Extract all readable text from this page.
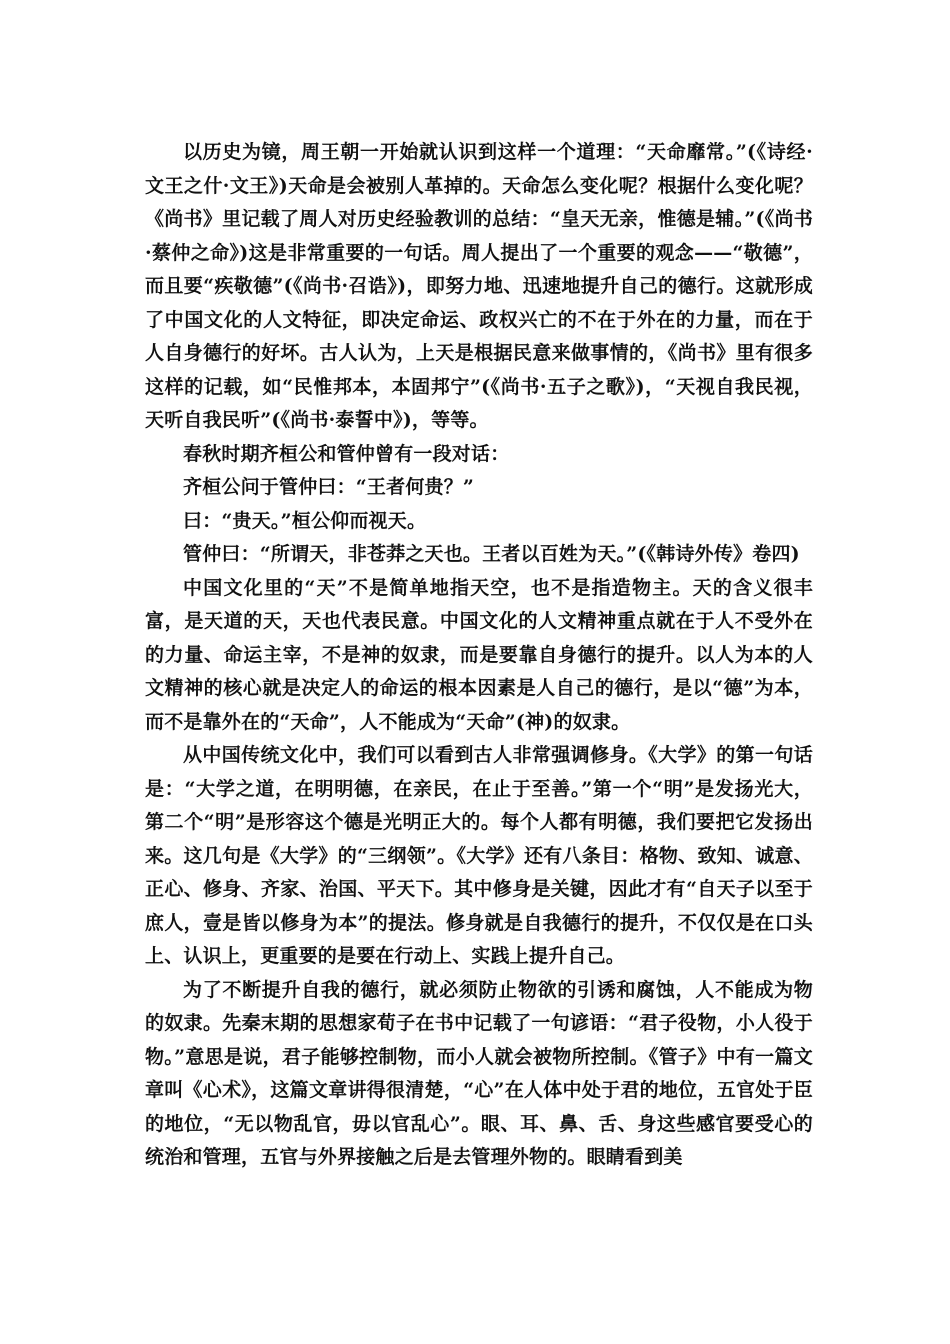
以历史为镜，周王朝一开始就认识到这样一个道理：“天命靡常。”(《诗经·文王之什·文王》)天命是会被别人革掉的。天命怎么变化呢？根据什么变化呢？《尚书》里记载了周人对历史经验教训的总结：“皇天无亲，惟德是辅。”(《尚书·蔡仲之命》)这是非常重要的一句话。周人提出了一个重要的观念——“敬德”，而且要“疾敬德”(《尚书·召诰》)，即努力地、迅速地提升自己的德行。这就形成了中国文化的人文特征，即决定命运、政权兴亡的不在于外在的力量，而在于人自身德行的好坏。古人认为，上天是根据民意来做事情的，《尚书》里有很多这样的记载，如“民惟邦本，本固邦宁”(《尚书·五子之歌》)，“天视自我民视，天听自我民听”(《尚书·泰誓中》)，等等。

春秋时期齐桓公和管仲曾有一段对话：

齐桓公问于管仲曰：“王者何贵？”

曰：“贵天。”桓公仰而视天。

管仲曰：“所谓天，非苍莽之天也。王者以百姓为天。”(《韩诗外传》卷四)

中国文化里的“天”不是简单地指天空，也不是指造物主。天的含义很丰富，是天道的天，天也代表民意。中国文化的人文精神重点就在于人不受外在的力量、命运主宰，不是神的奴隶，而是要靠自身德行的提升。以人为本的人文精神的核心就是决定人的命运的根本因素是人自己的德行，是以“德”为本，而不是靠外在的“天命”，人不能成为“天命”(神)的奴隶。

从中国传统文化中，我们可以看到古人非常强调修身。《大学》的第一句话是：“大学之道，在明明德，在亲民，在止于至善。”第一个“明”是发扬光大，第二个“明”是形容这个德是光明正大的。每个人都有明德，我们要把它发扬出来。这几句是《大学》的“三纲领”。《大学》还有八条目：格物、致知、诚意、正心、修身、齐家、治国、平天下。其中修身是关键，因此才有“自天子以至于庶人，壹是皆以修身为本”的提法。修身就是自我德行的提升，不仅仅是在口头上、认识上，更重要的是要在行动上、实践上提升自己。

为了不断提升自我的德行，就必须防止物欲的引诱和腐蚀，人不能成为物的奴隶。先秦末期的思想家荀子在书中记载了一句谚语：“君子役物，小人役于物。”意思是说，君子能够控制物，而小人就会被物所控制。《管子》中有一篇文章叫《心术》，这篇文章讲得很清楚，“心”在人体中处于君的地位，五官处于臣的地位，“无以物乱官，毋以官乱心”。眼、耳、鼻、舌、身这些感官要受心的统治和管理，五官与外界接触之后是去管理外物的。眼睛看到美
